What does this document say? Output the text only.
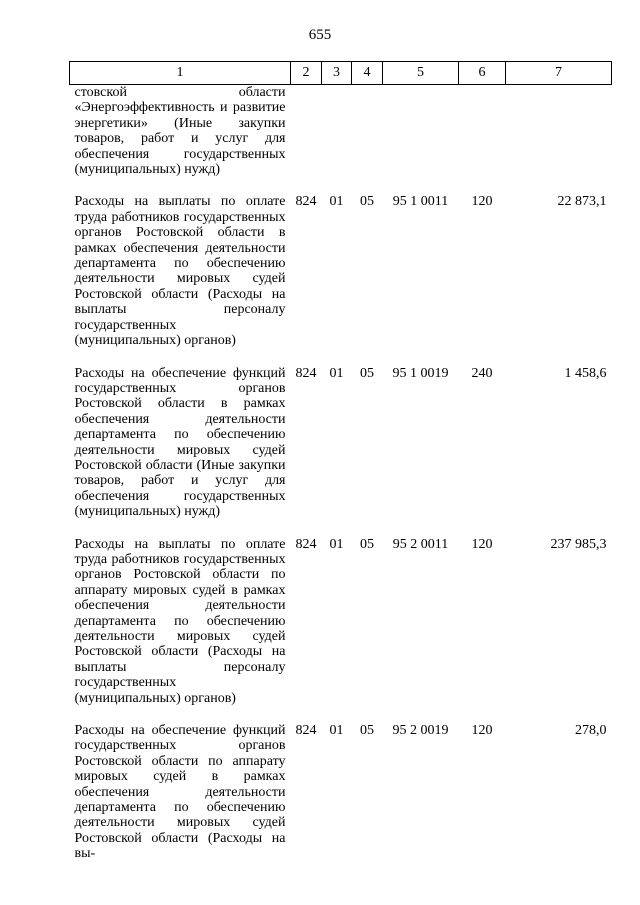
655
1	2	3	4	5	6	7
стовской области «Энергоэффективность и развитие энергетики» (Иные закупки товаров, работ и услуг для обеспечения государственных (муниципальных) нужд)						

Расходы на выплаты по оплате труда работников государственных органов Ростовской области в рамках обеспечения деятельности департамента по обеспечению деятельности мировых судей Ростовской области (Расходы на выплаты персоналу государственных (муниципальных) органов)	824	01	05	95 1 0011	120	22 873,1

Расходы на обеспечение функций государственных органов Ростовской области в рамках обеспечения деятельности департамента по обеспечению деятельности мировых судей Ростовской области (Иные закупки товаров, работ и услуг для обеспечения государственных (муниципальных) нужд)	824	01	05	95 1 0019	240	1 458,6

Расходы на выплаты по оплате труда работников государственных органов Ростовской области по аппарату мировых судей в рамках обеспечения деятельности департамента по обеспечению деятельности мировых судей Ростовской области (Расходы на выплаты персоналу государственных (муниципальных) органов)	824	01	05	95 2 0011	120	237 985,3

Расходы на обеспечение функций государственных органов Ростовской области по аппарату мировых судей в рамках обеспечения деятельности департамента по обеспечению деятельности мировых судей Ростовской области (Расходы на вы-	824	01	05	95 2 0019	120	278,0
